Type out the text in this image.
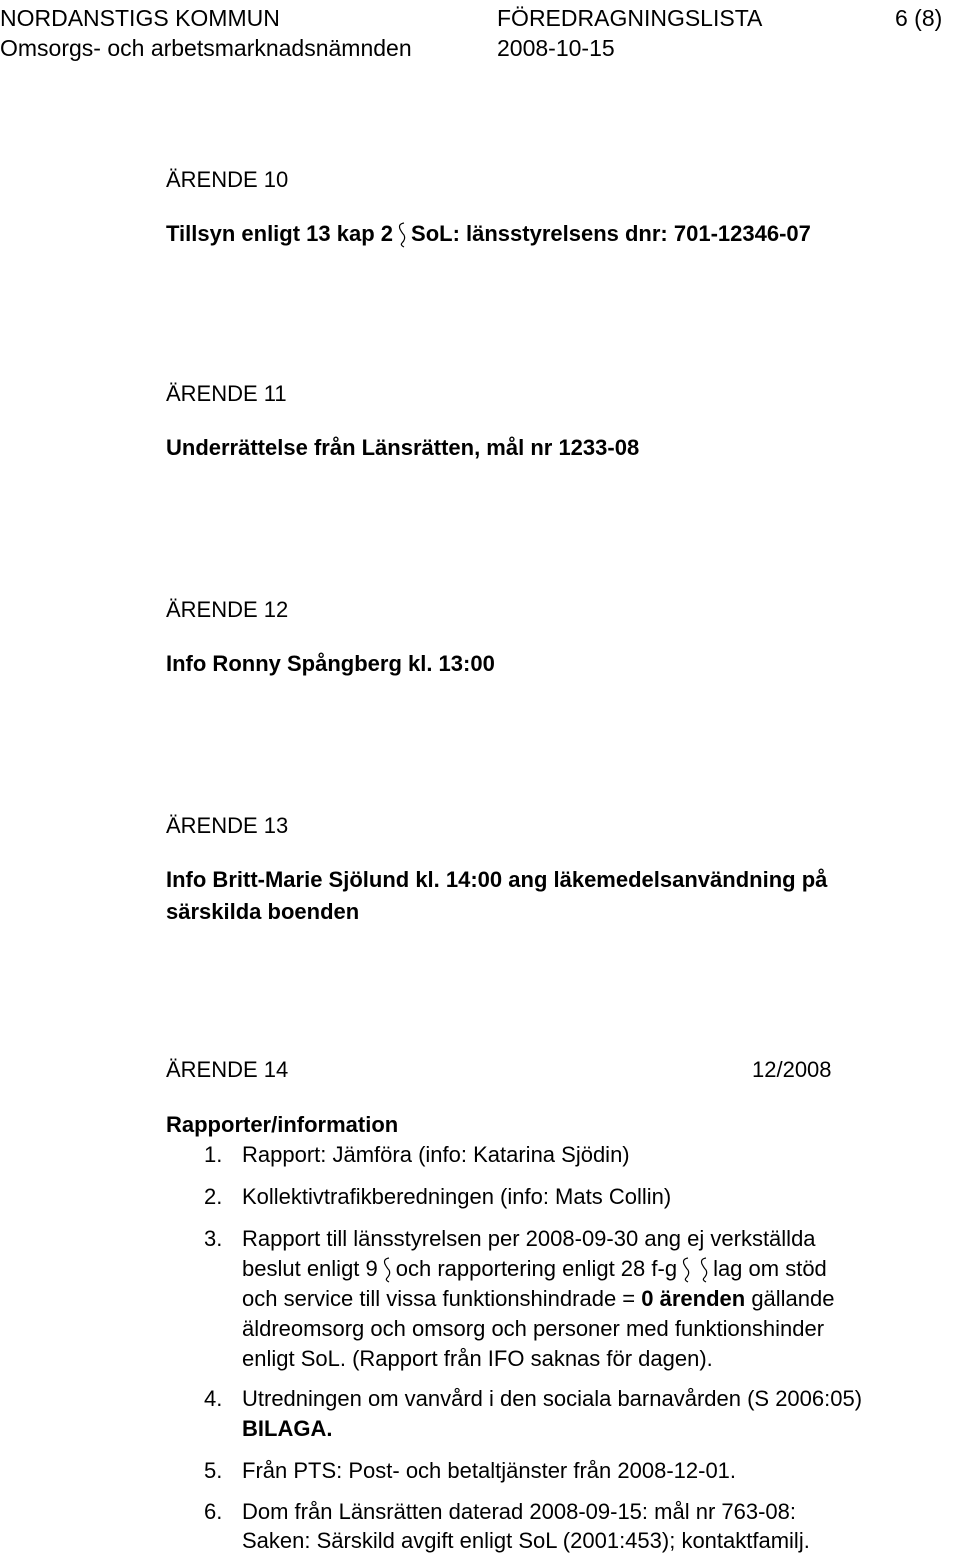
NORDANSTIGS KOMMUN	FÖREDRAGNINGSLISTA	6 (8)
Omsorgs- och arbetsmarknadsnämnden	2008-10-15
ÄRENDE 10
Tillsyn enligt 13 kap 2 SoL: länsstyrelsens dnr: 701-12346-07
ÄRENDE 11
Underrättelse från Länsrätten, mål nr 1233-08
ÄRENDE 12
Info Ronny Spångberg kl. 13:00
ÄRENDE 13
Info Britt-Marie Sjölund kl. 14:00 ang läkemedelsanvändning på
särskilda boenden
ÄRENDE 14	12/2008
Rapporter/information
1. Rapport: Jämföra (info: Katarina Sjödin)
2. Kollektivtrafikberedningen (info: Mats Collin)
3. Rapport till länsstyrelsen per 2008-09-30 ang ej verkställda
beslut enligt 9 och rapportering enligt 28 f-g lag om stöd
och service till vissa funktionshindrade = 0 ärenden gällande
äldreomsorg och omsorg och personer med funktionshinder
enligt SoL. (Rapport från IFO saknas för dagen).
4. Utredningen om vanvård i den sociala barnavården (S 2006:05)
BILAGA.
5. Från PTS: Post- och betaltjänster från 2008-12-01.
6. Dom från Länsrätten daterad 2008-09-15: mål nr 763-08:
Saken: Särskild avgift enligt SoL (2001:453); kontaktfamilj.
